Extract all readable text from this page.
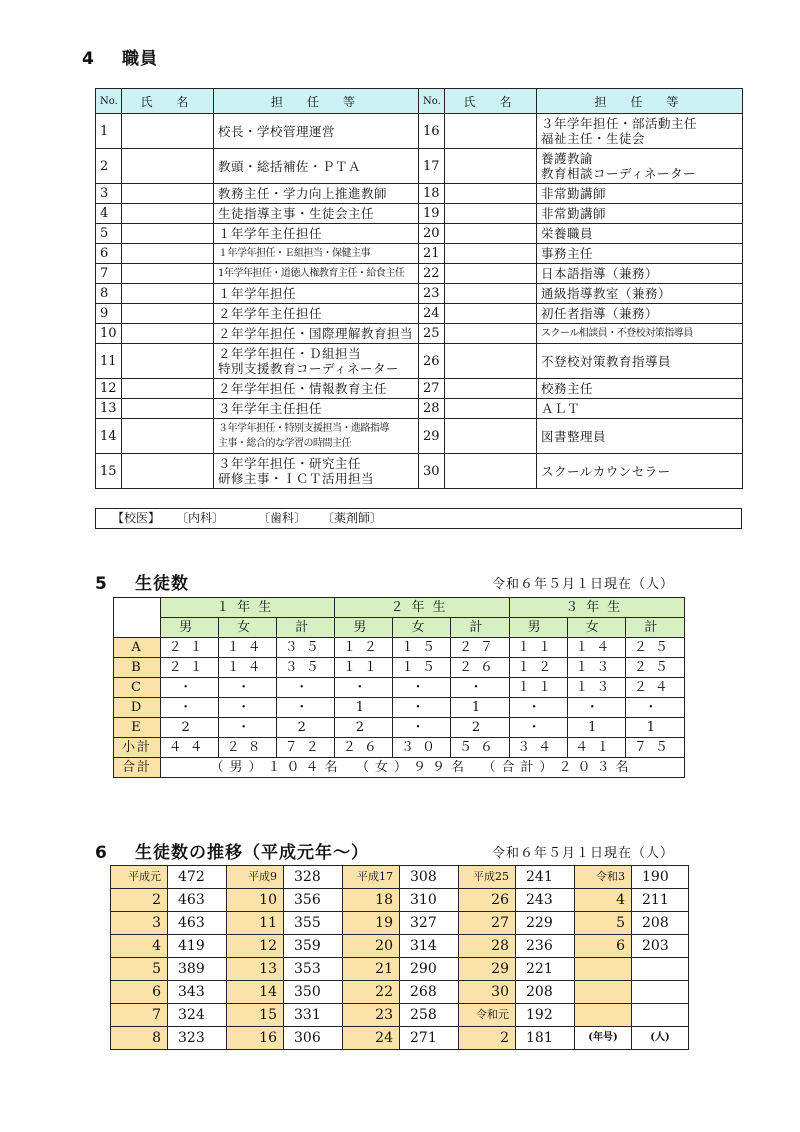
4 職員
No.	氏　名	担　任　等	No.	氏　名	担　任　等
1		校長・学校管理運営	16		３年学年担任・部活動主任
福祉主任・生徒会
2		教頭・総括補佐・ＰＴＡ	17		養護教諭
教育相談コーディネーター
3		教務主任・学力向上推進教師	18		非常勤講師
4		生徒指導主事・生徒会主任	19		非常勤講師
5		１年学年主任担任	20		栄養職員
6		１年学年担任・Ｅ組担当・保健主事	21		事務主任
7		1年学年担任・道徳人権教育主任・給食主任	22		日本語指導（兼務）
8		１年学年担任	23		通級指導教室（兼務）
9		２年学年主任担任	24		初任者指導（兼務）
10		２年学年担任・国際理解教育担当	25		スクール相談員・不登校対策指導員
11		２年学年担任・Ｄ組担当
特別支援教育コーディネーター	26		不登校対策教育指導員
12		２年学年担任・情報教育主任	27		校務主任
13		３年学年主任担任	28		ＡＬＴ
14		３年学年担任・特別支援担当・進路指導
主事・総合的な学習の時間主任	29		図書整理員
15		３年学年担任・研究主任
研修主事・ＩＣＴ活用担当	30		スクールカウンセラー
【校医】 〔内科〕	〔歯科〕 〔薬剤師〕
5 生徒数	令和６年５月１日現在（人）
	１年生			２年生			３年生		
	男	女	計	男	女	計	男	女	計
A	２１	１４	３５	１２	１５	２７	１１	１４	２５
B	２１	１４	３５	１１	１５	２６	１２	１３	２５
C	・	・	・	・	・	・	１１	１３	２４
D	・	・	・	1	・	1	・	・	・
E	2	・	2	2	・	2	・	1	1
小計	４４	２８	７２	２６	３０	５６	３４	４１	７５
合計	（男）１０４名　（女）９９名　（合計）２０３名								
6 生徒数の推移（平成元年〜）	令和６年５月１日現在（人）
平成元	472	平成9	328	平成17	308	平成25	241	令和3	190
2	463	10	356	18	310	26	243	4	211
3	463	11	355	19	327	27	229	5	208
4	419	12	359	20	314	28	236	6	203
5	389	13	353	21	290	29	221		
6	343	14	350	22	268	30	208		
7	324	15	331	23	258	令和元	192		
8	323	16	306	24	271	2	181	(年号)	(人)
